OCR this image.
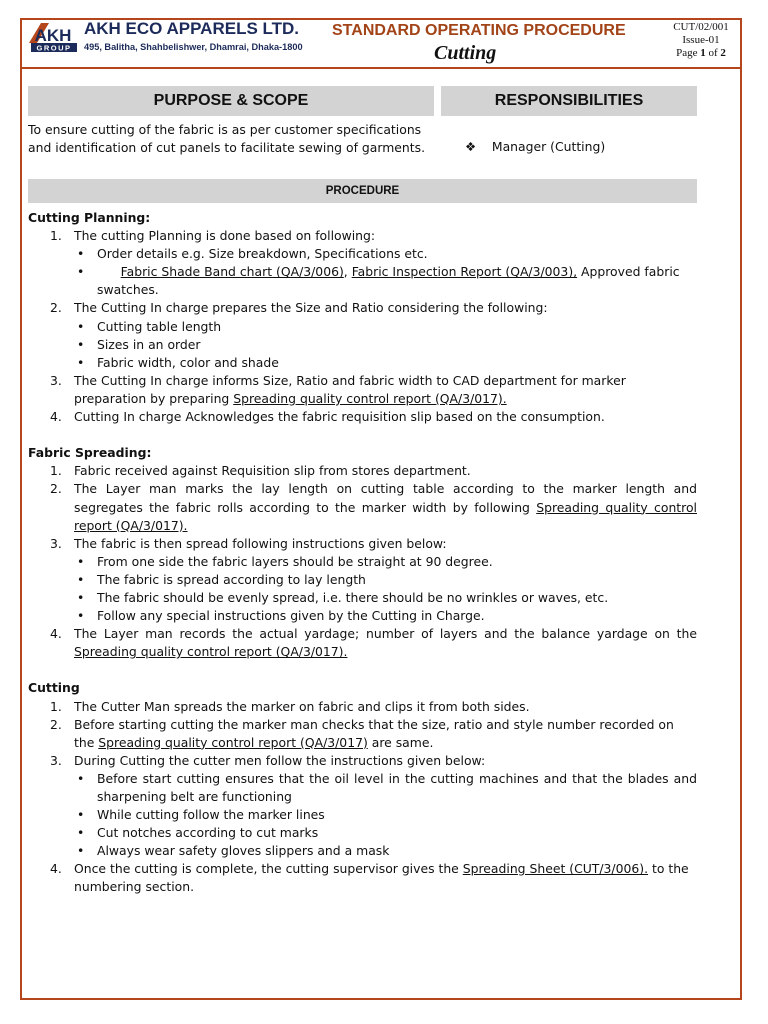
AKH
GROUP
AKH ECO APPARELS LTD.
495, Balitha, Shahbelishwer, Dhamrai, Dhaka-1800
STANDARD OPERATING PROCEDURE
Cutting
CUT/02/001
Issue-01
Page 1 of 2
PURPOSE & SCOPE	RESPONSIBILITIES
To ensure cutting of the fabric is as per customer specifications and identification of cut panels to facilitate sewing of garments.	❖ Manager (Cutting)
PROCEDURE
Cutting Planning:
1. The cutting Planning is done based on following:
•	Order details e.g. Size breakdown, Specifications etc.
•	Fabric Shade Band chart (QA/3/006), Fabric Inspection Report (QA/3/003), Approved fabric swatches.
2. The Cutting In charge prepares the Size and Ratio considering the following:
•	Cutting table length
•	Sizes in an order
•	Fabric width, color and shade
3. The Cutting In charge informs Size, Ratio and fabric width to CAD department for marker preparation by preparing Spreading quality control report (QA/3/017).
4. Cutting In charge Acknowledges the fabric requisition slip based on the consumption.
Fabric Spreading:
1. Fabric received against Requisition slip from stores department.
2. The Layer man marks the lay length on cutting table according to the marker length and segregates the fabric rolls according to the marker width by following Spreading quality control report (QA/3/017).
3. The fabric is then spread following instructions given below:
•	From one side the fabric layers should be straight at 90 degree.
•	The fabric is spread according to lay length
•	The fabric should be evenly spread, i.e. there should be no wrinkles or waves, etc.
•	Follow any special instructions given by the Cutting in Charge.
4. The Layer man records the actual yardage; number of layers and the balance yardage on the Spreading quality control report (QA/3/017).
Cutting
1. The Cutter Man spreads the marker on fabric and clips it from both sides.
2. Before starting cutting the marker man checks that the size, ratio and style number recorded on the Spreading quality control report (QA/3/017) are same.
3. During Cutting the cutter men follow the instructions given below:
•	Before start cutting ensures that the oil level in the cutting machines and that the blades and sharpening belt are functioning
•	While cutting follow the marker lines
•	Cut notches according to cut marks
•	Always wear safety gloves slippers and a mask
4. Once the cutting is complete, the cutting supervisor gives the Spreading Sheet (CUT/3/006). to the numbering section.
